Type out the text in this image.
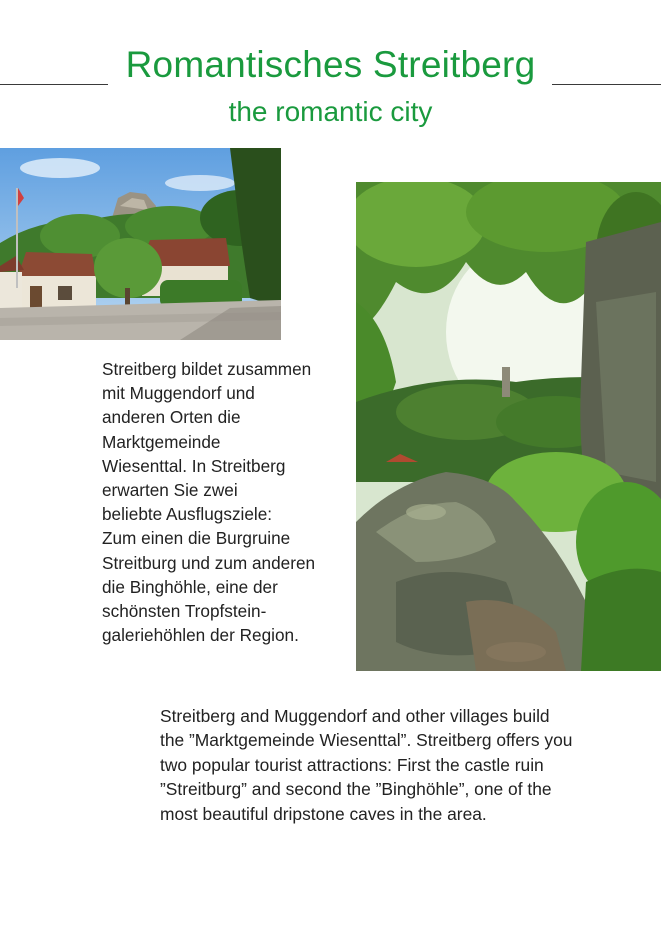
Romantisches Streitberg
the romantic city
Streitberg bildet zusammen
mit Muggendorf und
anderen Orten die
Marktgemeinde
Wiesenttal. In Streitberg
erwarten Sie zwei
beliebte Ausflugsziele:
Zum einen die Burgruine
Streitburg und zum anderen
die Binghöhle, eine der
schönsten Tropfstein-
galeriehöhlen der Region.
Streitberg and Muggendorf and other villages build
the ”Marktgemeinde Wiesenttal”. Streitberg offers you
two popular tourist attractions: First the castle ruin
”Streitburg” and second the ”Binghöhle”, one of the
most beautiful dripstone caves in the area.
